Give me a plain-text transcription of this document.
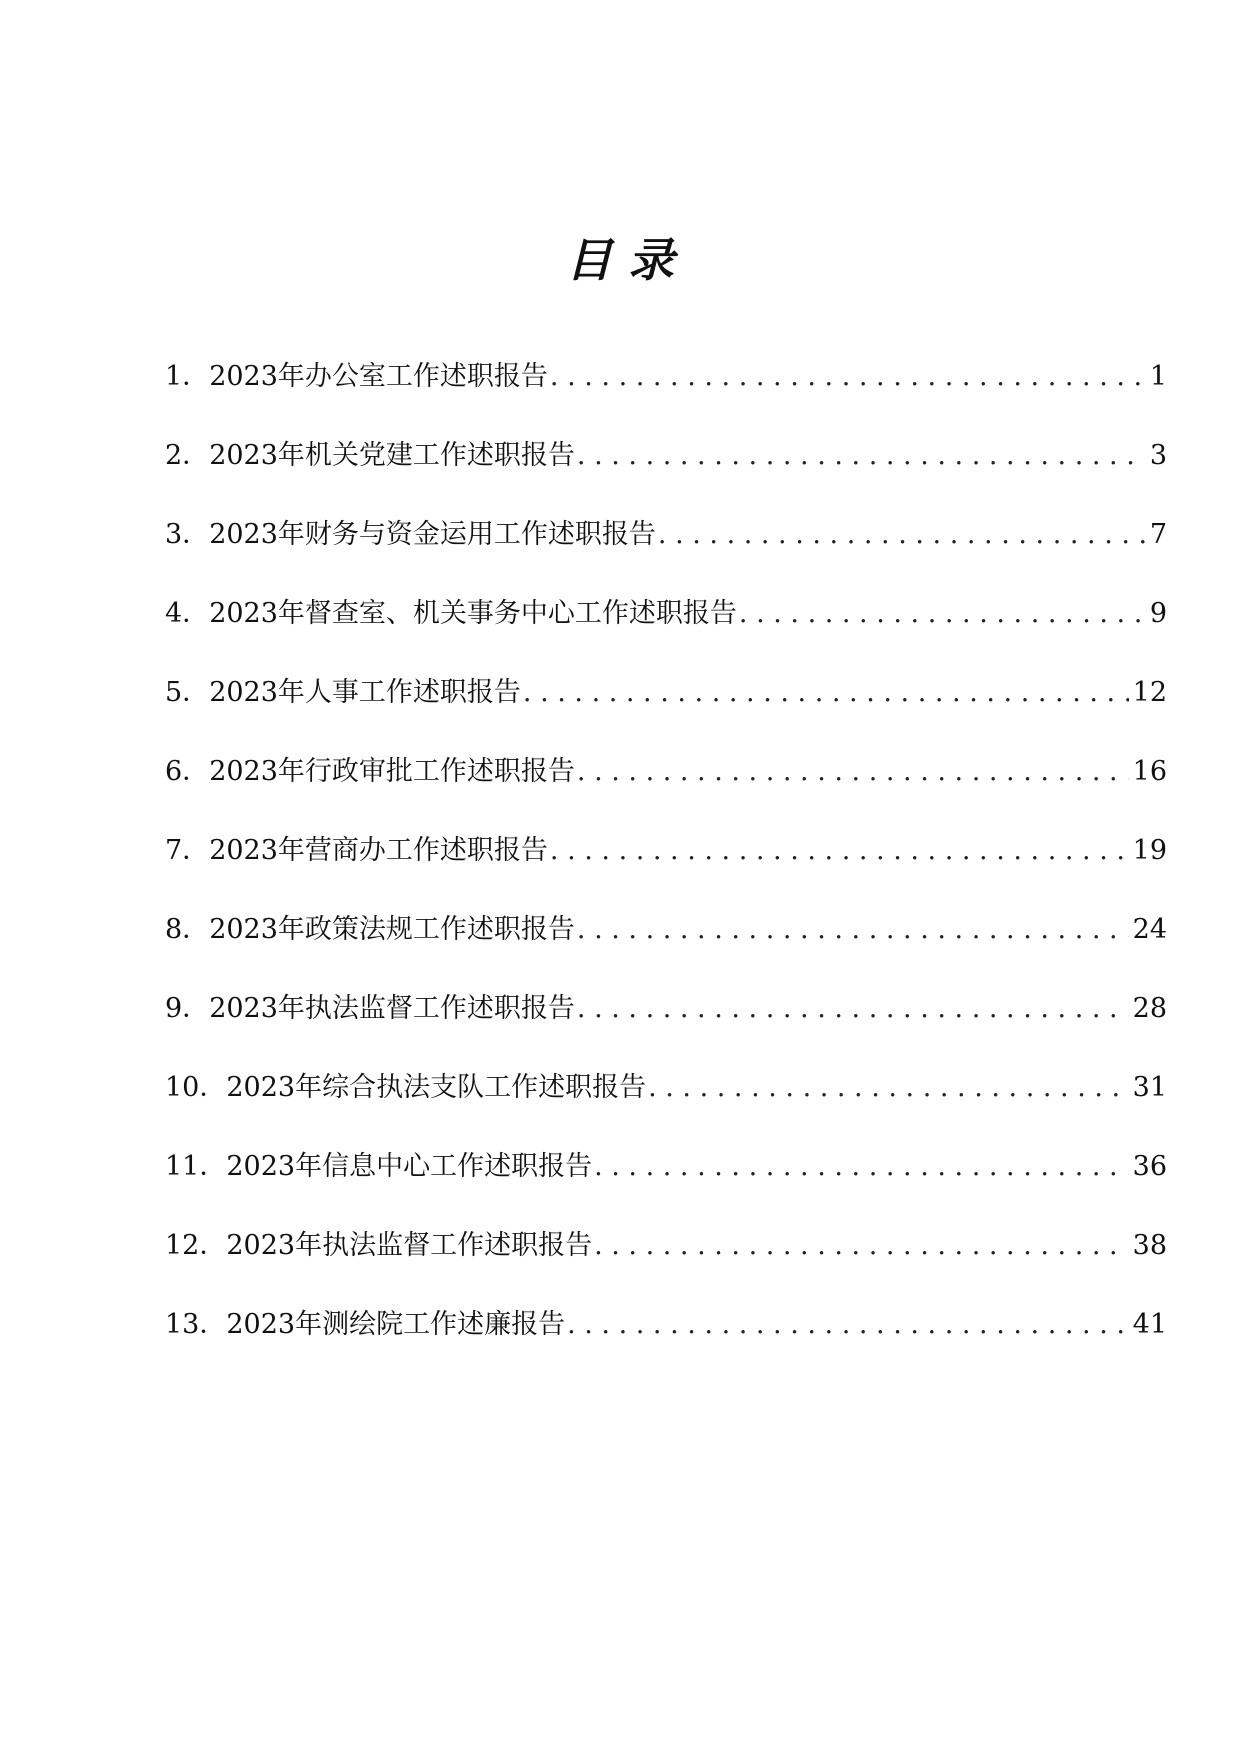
目 录
1． 2023年办公室工作述职报告 . . .	1
2． 2023年机关党建工作述职报告 . . .	3
3． 2023年财务与资金运用工作述职报告 . . .	7
4． 2023年督查室、机关事务中心工作述职报告 . . .	9
5． 2023年人事工作述职报告 . . .	12
6． 2023年行政审批工作述职报告 . . .	16
7． 2023年营商办工作述职报告 . . .	19
8． 2023年政策法规工作述职报告 . . .	24
9． 2023年执法监督工作述职报告 . . .	28
10． 2023年综合执法支队工作述职报告 . . .	31
11． 2023年信息中心工作述职报告 . . .	36
12． 2023年执法监督工作述职报告 . . .	38
13． 2023年测绘院工作述廉报告 . . .	41
